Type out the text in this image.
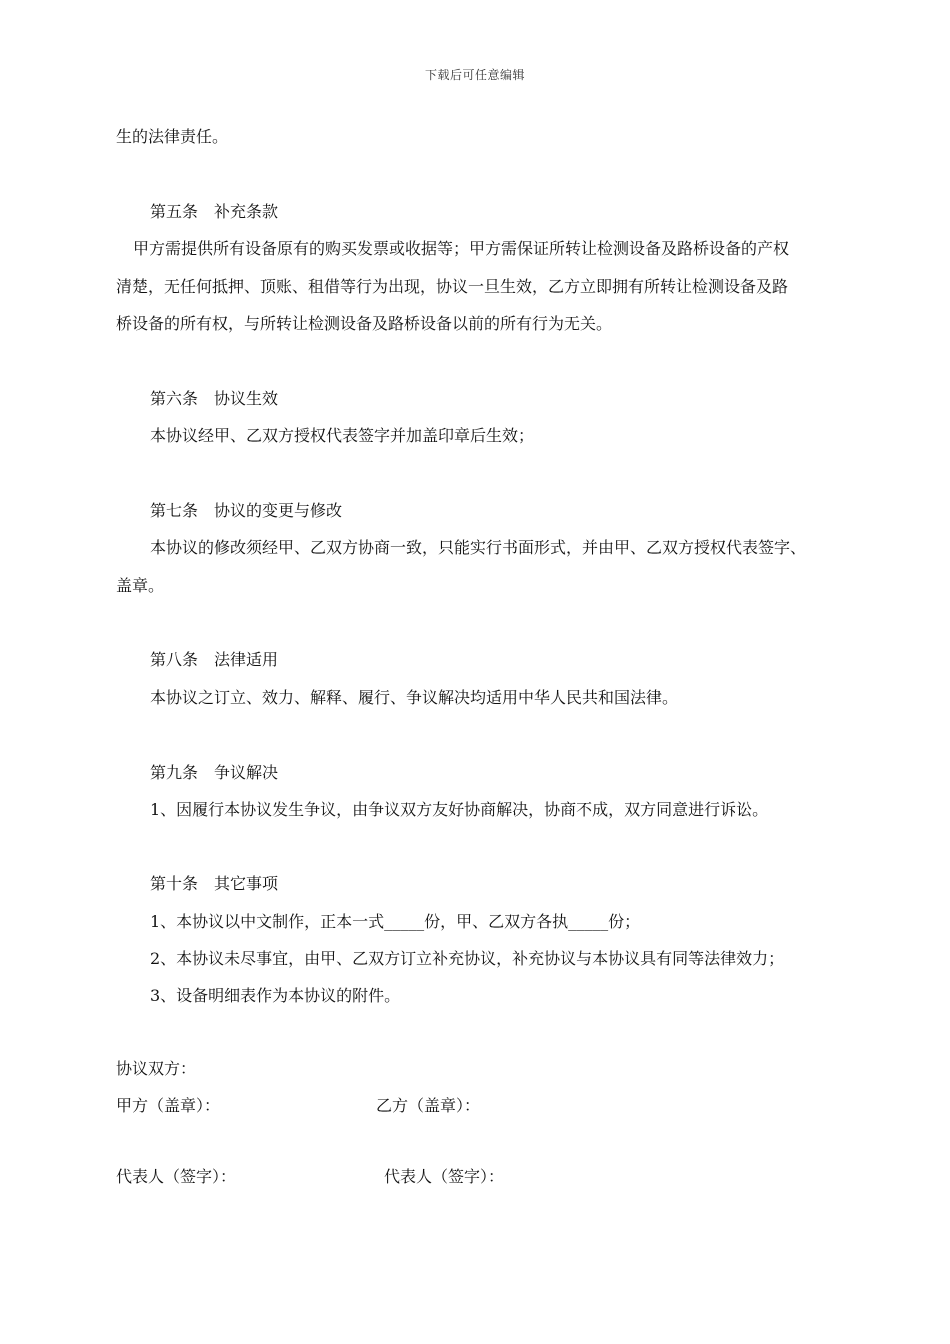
下载后可任意编辑
生的法律责任。
第五条 补充条款
甲方需提供所有设备原有的购买发票或收据等；甲方需保证所转让检测设备及路桥设备的产权
清楚，无任何抵押、顶账、租借等行为出现，协议一旦生效，乙方立即拥有所转让检测设备及路
桥设备的所有权，与所转让检测设备及路桥设备以前的所有行为无关。
第六条 协议生效
本协议经甲、乙双方授权代表签字并加盖印章后生效；
第七条 协议的变更与修改
本协议的修改须经甲、乙双方协商一致，只能实行书面形式，并由甲、乙双方授权代表签字、
盖章。
第八条 法律适用
本协议之订立、效力、解释、履行、争议解决均适用中华人民共和国法律。
第九条 争议解决
1、因履行本协议发生争议，由争议双方友好协商解决，协商不成，双方同意进行诉讼。
第十条 其它事项
1、本协议以中文制作，正本一式_____份，甲、乙双方各执_____份；
2、本协议未尽事宜，由甲、乙双方订立补充协议，补充协议与本协议具有同等法律效力；
3、设备明细表作为本协议的附件。
协议双方：
甲方（盖章）：	乙方（盖章）：
代表人（签字）：	代表人（签字）：
